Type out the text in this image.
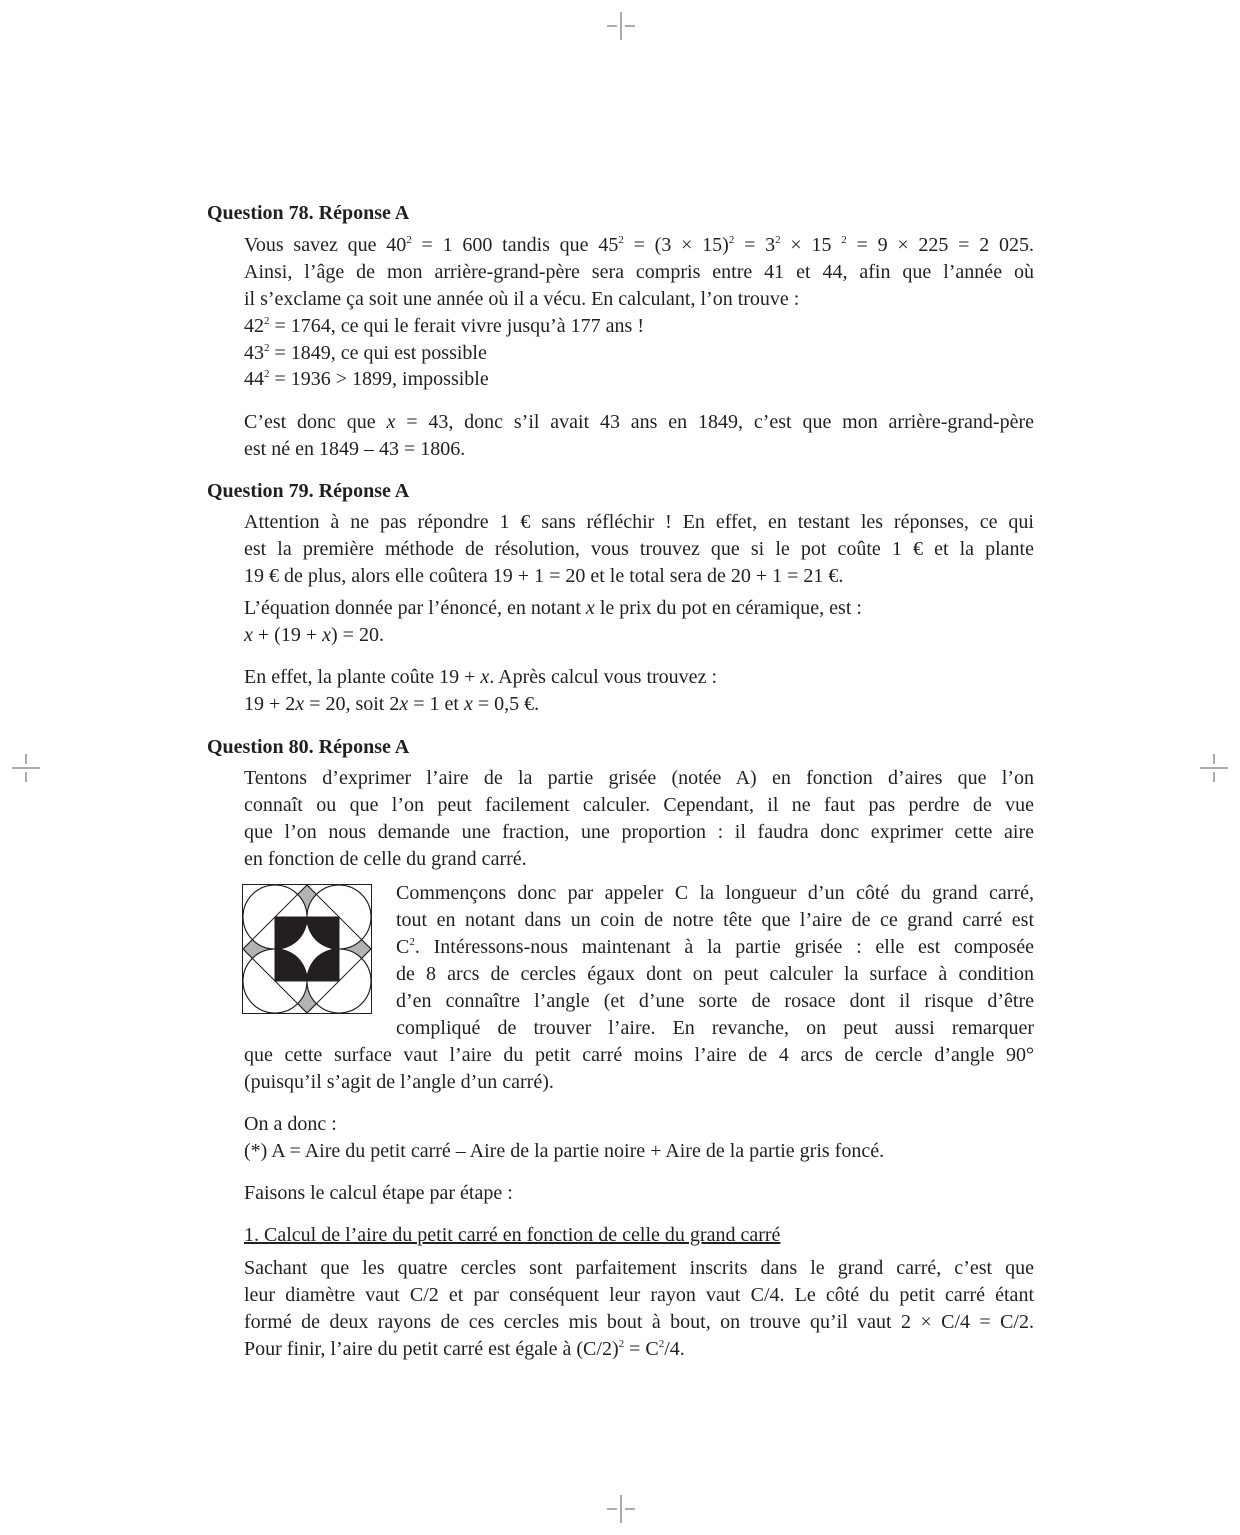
Question 78. Réponse A
Vous savez que $40^2 = 1$ 600 tandis que $45^2 = (3 \times 15)^2 = 3^2 \times 15$ $^2$ = 9 × 225 = 2 025.
Ainsi, l’âge de mon arrière-grand-père sera compris entre 41 et 44, afin que l’année où
il s’exclame ça soit une année où il a vécu. En calculant, l’on trouve :
$42^2 = 1764$, ce qui le ferait vivre jusqu’à 177 ans !
$43^2 = 1849$, ce qui est possible
$44^2 = 1936 > 1899$, impossible
C’est donc que x = 43, donc s’il avait 43 ans en 1849, c’est que mon arrière-grand-père
est né en 1849 – 43 = 1806.
Question 79. Réponse A
Attention à ne pas répondre 1 € sans réfléchir ! En effet, en testant les réponses, ce qui
est la première méthode de résolution, vous trouvez que si le pot coûte 1 € et la plante
19 € de plus, alors elle coûtera 19 + 1 = 20 et le total sera de 20 + 1 = 21 €.
L’équation donnée par l’énoncé, en notant x le prix du pot en céramique, est :
x + (19 + x) = 20.
En effet, la plante coûte 19 + x. Après calcul vous trouvez :
19 + 2x = 20, soit 2x = 1 et x = 0,5 €.
Question 80. Réponse A
Tentons d’exprimer l’aire de la partie grisée (notée A) en fonction d’aires que l’on
connaît ou que l’on peut facilement calculer. Cependant, il ne faut pas perdre de vue
que l’on nous demande une fraction, une proportion : il faudra donc exprimer cette aire
en fonction de celle du grand carré.
Commençons donc par appeler C la longueur d’un côté du grand carré,
tout en notant dans un coin de notre tête que l’aire de ce grand carré est
$C^2$. Intéressons-nous maintenant à la partie grisée : elle est composée
de 8 arcs de cercles égaux dont on peut calculer la surface à condition
d’en connaître l’angle (et d’une sorte de rosace dont il risque d’être
compliqué de trouver l’aire. En revanche, on peut aussi remarquer
que cette surface vaut l’aire du petit carré moins l’aire de 4 arcs de cercle d’angle 90°
(puisqu’il s’agit de l’angle d’un carré).
On a donc :
(*) A = Aire du petit carré – Aire de la partie noire + Aire de la partie gris foncé.
Faisons le calcul étape par étape :
1. Calcul de l’aire du petit carré en fonction de celle du grand carré
Sachant que les quatre cercles sont parfaitement inscrits dans le grand carré, c’est que
leur diamètre vaut C/2 et par conséquent leur rayon vaut C/4. Le côté du petit carré étant
formé de deux rayons de ces cercles mis bout à bout, on trouve qu’il vaut 2 × C/4 = C/2.
Pour finir, l’aire du petit carré est égale à $(C/2)^2 = C^2/4$.
